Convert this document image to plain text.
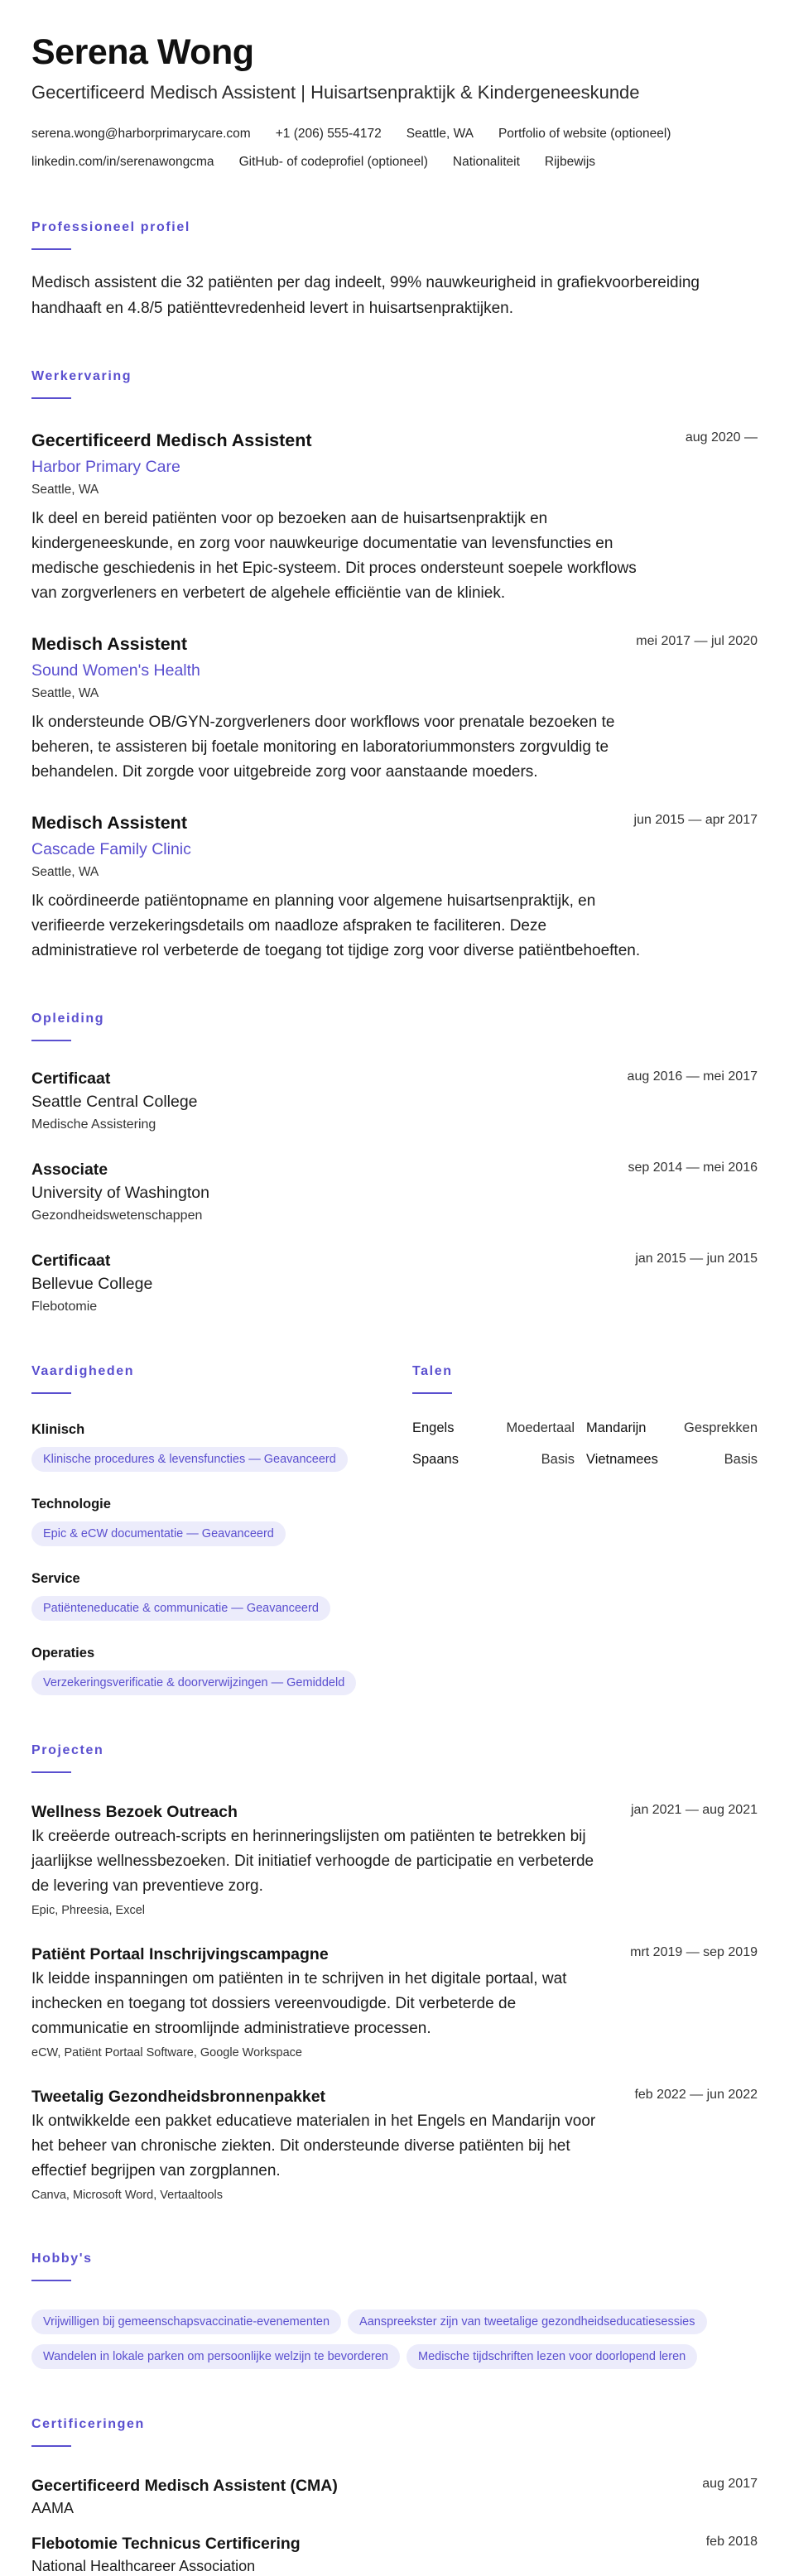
Serena Wong
Gecertificeerd Medisch Assistent | Huisartsenpraktijk & Kindergeneeskunde
serena.wong@harborprimarycare.com +1 (206) 555-4172 Seattle, WA Portfolio of website (optioneel)
linkedin.com/in/serenawongcma GitHub- of codeprofiel (optioneel) Nationaliteit Rijbewijs
Professioneel profiel

Medisch assistent die 32 patiënten per dag indeelt, 99% nauwkeurigheid in grafiekvoorbereiding handhaaft en 4.8/5 patiënttevredenheid levert in huisartsenpraktijken.

Werkervaring
Gecertificeerd Medisch Assistent	aug 2020 —
Harbor Primary Care
Seattle, WA

Ik deel en bereid patiënten voor op bezoeken aan de huisartsenpraktijk en kindergeneeskunde, en zorg voor nauwkeurige documentatie van levensfuncties en medische geschiedenis in het Epic-systeem. Dit proces ondersteunt soepele workflows van zorgverleners en verbetert de algehele efficiëntie van de kliniek.

Medisch Assistent	mei 2017 — jul 2020
Sound Women's Health
Seattle, WA

Ik ondersteunde OB/GYN-zorgverleners door workflows voor prenatale bezoeken te beheren, te assisteren bij foetale monitoring en laboratoriummonsters zorgvuldig te behandelen. Dit zorgde voor uitgebreide zorg voor aanstaande moeders.

Medisch Assistent	jun 2015 — apr 2017
Cascade Family Clinic
Seattle, WA

Ik coördineerde patiëntopname en planning voor algemene huisartsenpraktijk, en verifieerde verzekeringsdetails om naadloze afspraken te faciliteren. Deze administratieve rol verbeterde de toegang tot tijdige zorg voor diverse patiëntbehoeften.

Opleiding
Certificaat	aug 2016 — mei 2017
Seattle Central College
Medische Assistering
Associate	sep 2014 — mei 2016
University of Washington
Gezondheidswetenschappen
Certificaat	jan 2015 — jun 2015
Bellevue College
Flebotomie
Vaardigheden
Klinisch
Klinische procedures & levensfuncties — Geavanceerd
Technologie
Epic & eCW documentatie — Geavanceerd
Service
Patiënteneducatie & communicatie — Geavanceerd
Operaties
Verzekeringsverificatie & doorverwijzingen — Gemiddeld
Talen
Engels	Moedertaal Mandarijn	Gesprekken
Spaans	Basis Vietnamees	Basis
Projecten
Wellness Bezoek Outreach	jan 2021 — aug 2021

Ik creëerde outreach-scripts en herinneringslijsten om patiënten te betrekken bij jaarlijkse wellnessbezoeken. Dit initiatief verhoogde de participatie en verbeterde de levering van preventieve zorg.

Epic, Phreesia, Excel
Patiënt Portaal Inschrijvingscampagne	mrt 2019 — sep 2019

Ik leidde inspanningen om patiënten in te schrijven in het digitale portaal, wat inchecken en toegang tot dossiers vereenvoudigde. Dit verbeterde de communicatie en stroomlijnde administratieve processen.

eCW, Patiënt Portaal Software, Google Workspace
Tweetalig Gezondheidsbronnenpakket	feb 2022 — jun 2022

Ik ontwikkelde een pakket educatieve materialen in het Engels en Mandarijn voor het beheer van chronische ziekten. Dit ondersteunde diverse patiënten bij het effectief begrijpen van zorgplannen.

Canva, Microsoft Word, Vertaaltools
Hobby's
Vrijwilligen bij gemeenschapsvaccinatie-evenementen Aanspreekster zijn van tweetalige gezondheidseducatiesessies
Wandelen in lokale parken om persoonlijke welzijn te bevorderen Medische tijdschriften lezen voor doorlopend leren
Certificeringen
Gecertificeerd Medisch Assistent (CMA)	aug 2017
AAMA
Flebotomie Technicus Certificering	feb 2018
National Healthcareer Association
